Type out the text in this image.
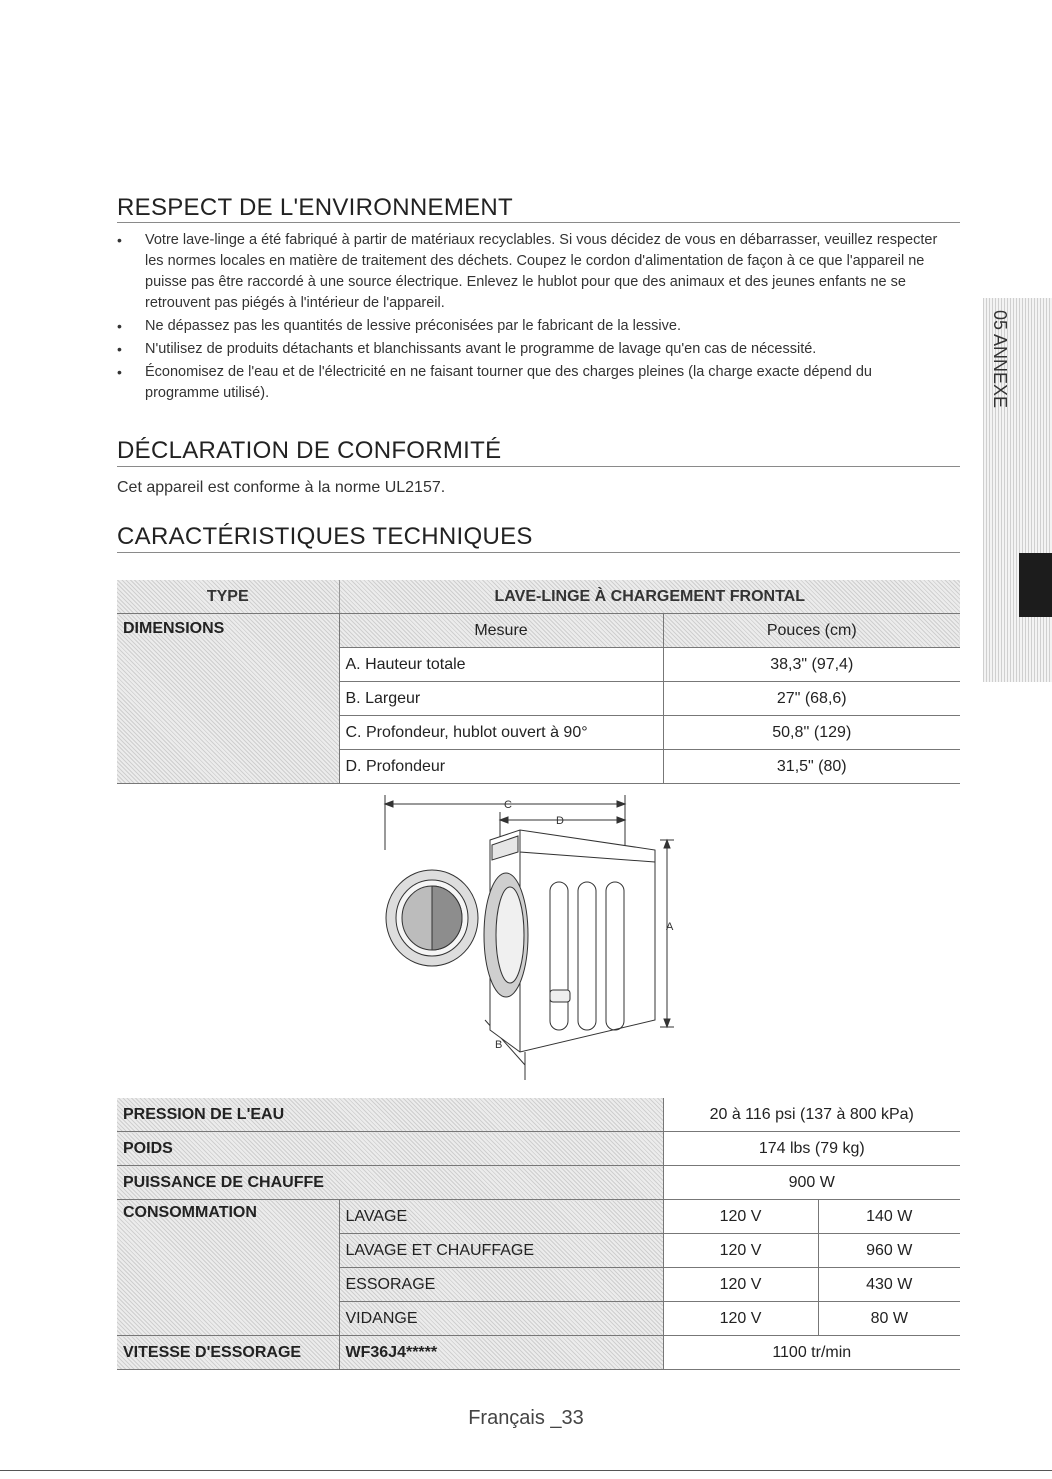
RESPECT DE L'ENVIRONNEMENT
• Votre lave-linge a été fabriqué à partir de matériaux recyclables. Si vous décidez de vous en débarrasser, veuillez respecter les normes locales en matière de traitement des déchets. Coupez le cordon d'alimentation de façon à ce que l'appareil ne puisse pas être raccordé à une source électrique. Enlevez le hublot pour que des animaux et des jeunes enfants ne se retrouvent pas piégés à l'intérieur de l'appareil.
• Ne dépassez pas les quantités de lessive préconisées par le fabricant de la lessive.
• N'utilisez de produits détachants et blanchissants avant le programme de lavage qu'en cas de nécessité.
• Économisez de l'eau et de l'électricité en ne faisant tourner que des charges pleines (la charge exacte dépend du programme utilisé).
DÉCLARATION DE CONFORMITÉ

Cet appareil est conforme à la norme UL2157.

CARACTÉRISTIQUES TECHNIQUES
TYPE	LAVE-LINGE À CHARGEMENT FRONTAL	
DIMENSIONS	Mesure	Pouces (cm)
	A. Hauteur totale	38,3" (97,4)
	B. Largeur	27" (68,6)
	C. Profondeur, hublot ouvert à 90°	50,8'' (129)
	D. Profondeur	31,5" (80)
C
D
A
B
PRESSION DE L'EAU		20 à 116 psi (137 à 800 kPa)	
POIDS		174 lbs (79 kg)	
PUISSANCE DE CHAUFFE		900 W	
CONSOMMATION	LAVAGE	120 V	140 W
	LAVAGE ET CHAUFFAGE	120 V	960 W
	ESSORAGE	120 V	430 W
	VIDANGE	120 V	80 W
VITESSE D'ESSORAGE	WF36J4*****	1100 tr/min	
05 ANNEXE
Français _33
